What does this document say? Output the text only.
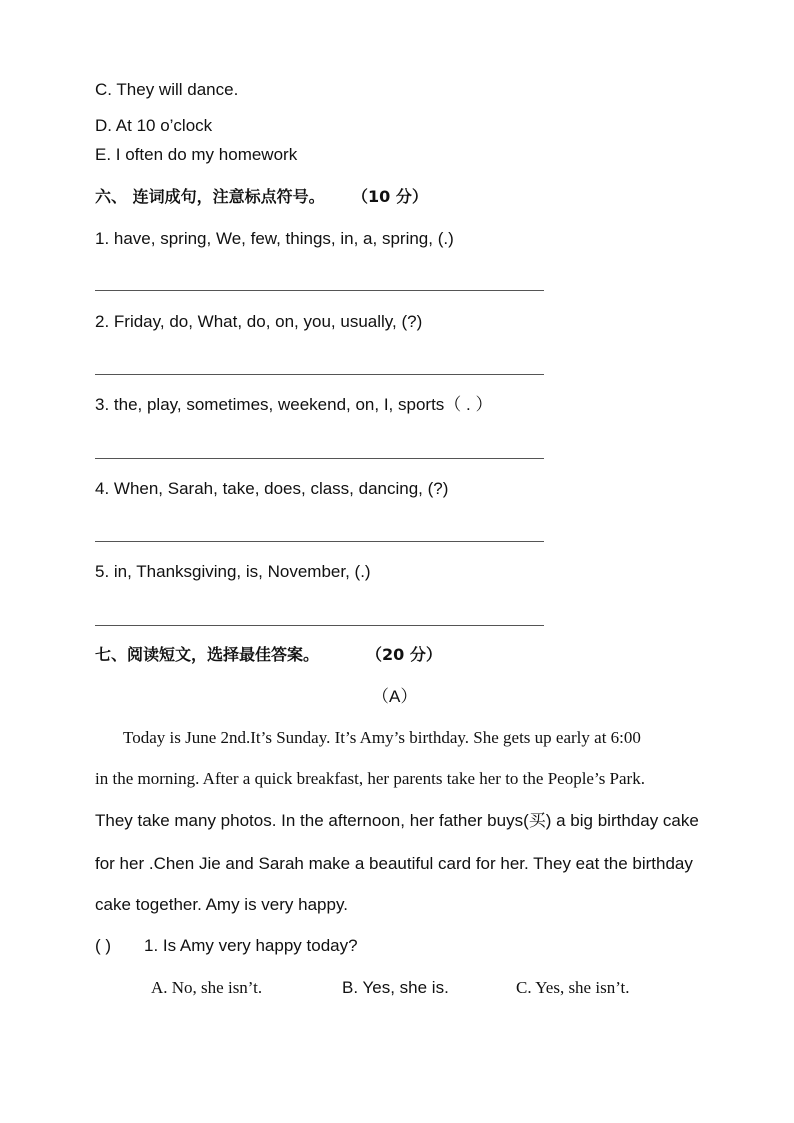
C. They will dance.
D. At 10 o’clock
E. I often do my homework
六、 连词成句，注意标点符号。 （10 分）
1. have, spring, We, few, things, in, a, spring, (.)
2. Friday, do, What, do, on, you, usually, (?)
3. the, play, sometimes, weekend, on, I, sports（ . ）
4. When, Sarah, take, does, class, dancing, (?)
5. in, Thanksgiving, is, November, (.)
七、阅读短文，选择最佳答案。	（20 分）
（A）
Today is June 2nd.It’s Sunday. It’s Amy’s birthday. She gets up early at 6:00
in the morning. After a quick breakfast, her parents take her to the People’s Park.
They take many photos. In the afternoon, her father buys(买) a big birthday cake
for her .Chen Jie and Sarah make a beautiful card for her. They eat the birthday
cake together. Amy is very happy.
( ) 1. Is Amy very happy today?
A. No, she isn’t.	B. Yes, she is.	C. Yes, she isn’t.
